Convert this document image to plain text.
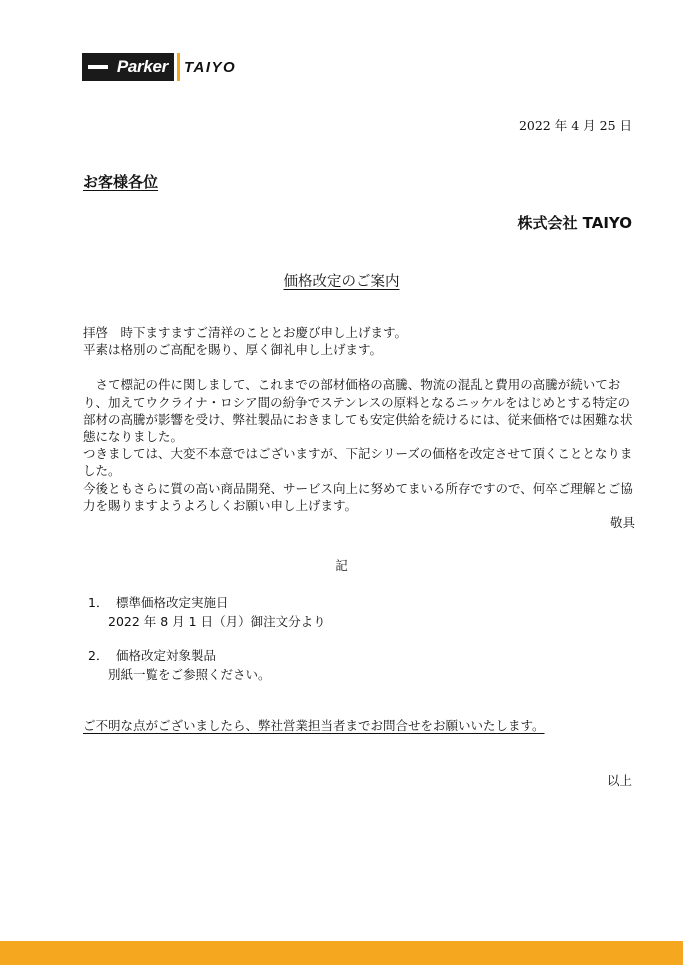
Parker	TAIYO
2022 年 4 月 25 日
お客様各位
株式会社 TAIYO
価格改定のご案内

拝啓　時下ますますご清祥のこととお慶び申し上げます。

平素は格別のご高配を賜り、厚く御礼申し上げます。

　さて標記の件に関しまして、これまでの部材価格の高騰、物流の混乱と費用の高騰が続いており、加えてウクライナ・ロシア間の紛争でステンレスの原料となるニッケルをはじめとする特定の部材の高騰が影響を受け、弊社製品におきましても安定供給を続けるには、従来価格では困難な状態になりました。

つきましては、大変不本意ではございますが、下記シリーズの価格を改定させて頂くこととなりました。

今後ともさらに質の高い商品開発、サービス向上に努めてまいる所存ですので、何卒ご理解とご協力を賜りますようよろしくお願い申し上げます。

敬具

記
1． 標準価格改定実施日
2022 年 8 月 1 日（月）御注文分より
2． 価格改定対象製品
別紙一覧をご参照ください。
ご不明な点がございましたら、弊社営業担当者までお問合せをお願いいたします。
以上
